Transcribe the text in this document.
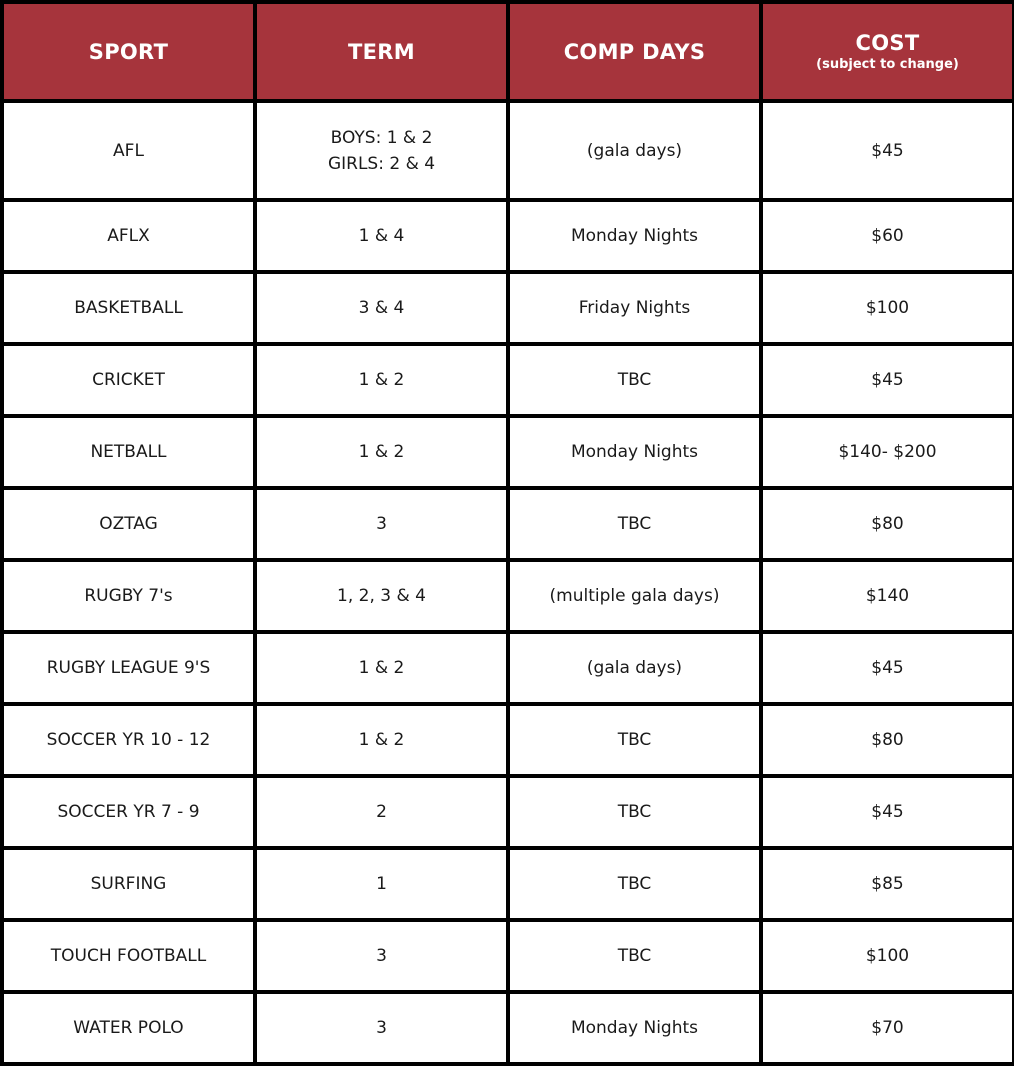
SPORT	TERM	COMP DAYS	COST
(subject to change)

AFL	BOYS: 1 & 2
GIRLS: 2 & 4	(gala days)	$45
AFLX	1 & 4	Monday Nights	$60
BASKETBALL	3 & 4	Friday Nights	$100
CRICKET	1 & 2	TBC	$45
NETBALL	1 & 2	Monday Nights	$140- $200
OZTAG	3	TBC	$80
RUGBY 7's	1, 2, 3 & 4	(multiple gala days)	$140
RUGBY LEAGUE 9'S	1 & 2	(gala days)	$45
SOCCER YR 10 - 12	1 & 2	TBC	$80
SOCCER YR 7 - 9	2	TBC	$45
SURFING	1	TBC	$85
TOUCH FOOTBALL	3	TBC	$100
WATER POLO	3	Monday Nights	$70
